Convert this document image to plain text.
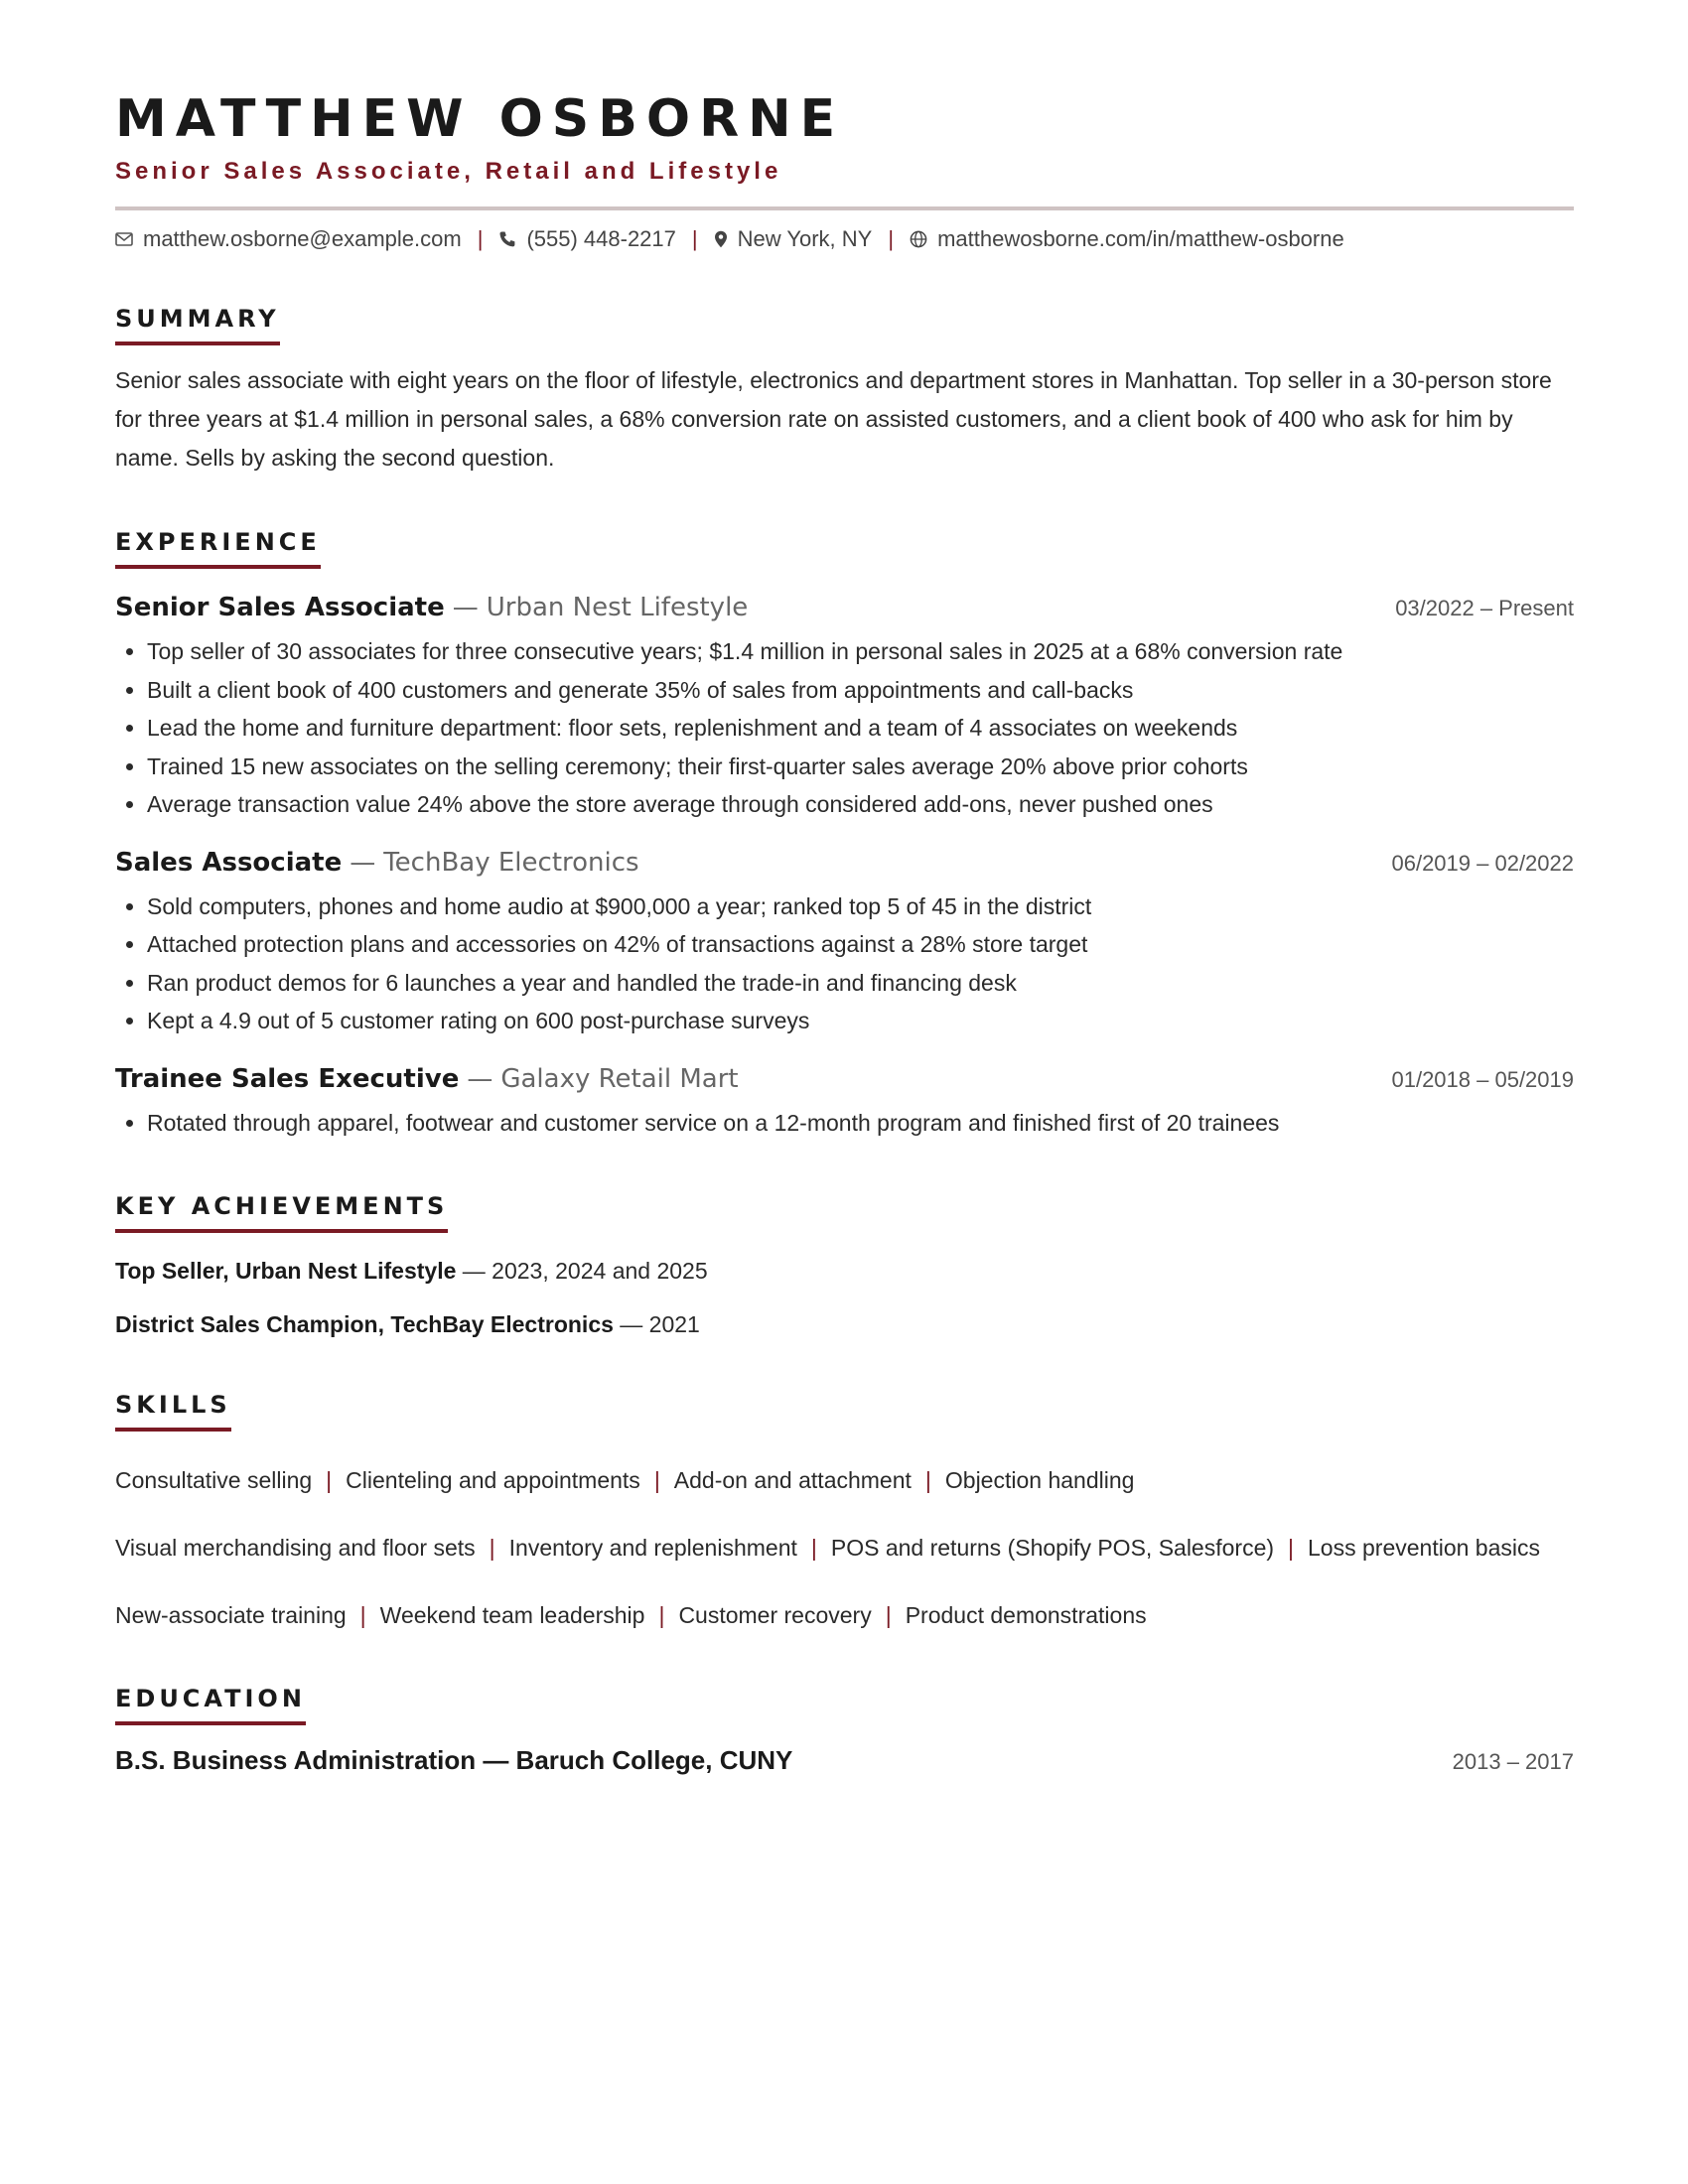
MATTHEW OSBORNE
Senior Sales Associate, Retail and Lifestyle
matthew.osborne@example.com | (555) 448-2217 | New York, NY | matthewosborne.com/in/matthew-osborne
SUMMARY
Senior sales associate with eight years on the floor of lifestyle, electronics and department stores in Manhattan. Top seller in a 30-person store for three years at $1.4 million in personal sales, a 68% conversion rate on assisted customers, and a client book of 400 who ask for him by name. Sells by asking the second question.
EXPERIENCE
Senior Sales Associate — Urban Nest Lifestyle	03/2022 – Present
• Top seller of 30 associates for three consecutive years; $1.4 million in personal sales in 2025 at a 68% conversion rate
• Built a client book of 400 customers and generate 35% of sales from appointments and call-backs
• Lead the home and furniture department: floor sets, replenishment and a team of 4 associates on weekends
• Trained 15 new associates on the selling ceremony; their first-quarter sales average 20% above prior cohorts
• Average transaction value 24% above the store average through considered add-ons, never pushed ones
Sales Associate — TechBay Electronics	06/2019 – 02/2022
• Sold computers, phones and home audio at $900,000 a year; ranked top 5 of 45 in the district
• Attached protection plans and accessories on 42% of transactions against a 28% store target
• Ran product demos for 6 launches a year and handled the trade-in and financing desk
• Kept a 4.9 out of 5 customer rating on 600 post-purchase surveys
Trainee Sales Executive — Galaxy Retail Mart	01/2018 – 05/2019
• Rotated through apparel, footwear and customer service on a 12-month program and finished first of 20 trainees
KEY ACHIEVEMENTS
Top Seller, Urban Nest Lifestyle — 2023, 2024 and 2025
District Sales Champion, TechBay Electronics — 2021
SKILLS
Consultative selling | Clienteling and appointments | Add-on and attachment | Objection handling
Visual merchandising and floor sets | Inventory and replenishment | POS and returns (Shopify POS, Salesforce) | Loss prevention basics
New-associate training | Weekend team leadership | Customer recovery | Product demonstrations
EDUCATION
B.S. Business Administration — Baruch College, CUNY	2013 – 2017
